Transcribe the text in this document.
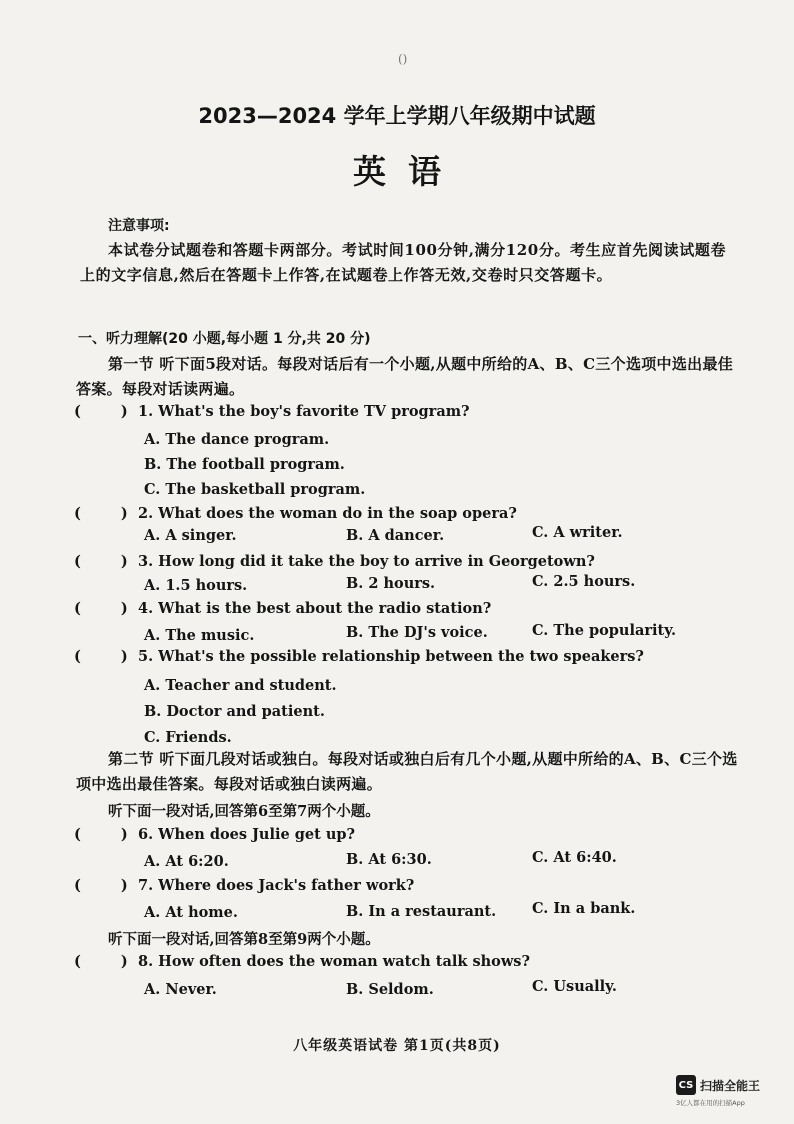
()
2023—2024 学年上学期八年级期中试题
英语
注意事项:
本试卷分试题卷和答题卡两部分。考试时间100分钟,满分120分。考生应首先阅读试题卷上的文字信息,然后在答题卡上作答,在试题卷上作答无效,交卷时只交答题卡。
一、听力理解(20 小题,每小题 1 分,共 20 分)
第一节 听下面5段对话。每段对话后有一个小题,从题中所给的A、B、C三个选项中选出最佳答案。每段对话读两遍。
(	) 1. What's the boy's favorite TV program?
A. The dance program.
B. The football program.
C. The basketball program.
(	) 2. What does the woman do in the soap opera?
A. A singer.	B. A dancer.	C. A writer.
(	) 3. How long did it take the boy to arrive in Georgetown?
A. 1.5 hours.	B. 2 hours.	C. 2.5 hours.
(	) 4. What is the best about the radio station?
A. The music.	B. The DJ's voice.	C. The popularity.
(	) 5. What's the possible relationship between the two speakers?
A. Teacher and student.
B. Doctor and patient.
C. Friends.
第二节 听下面几段对话或独白。每段对话或独白后有几个小题,从题中所给的A、B、C三个选项中选出最佳答案。每段对话或独白读两遍。
听下面一段对话,回答第6至第7两个小题。
(	) 6. When does Julie get up?
A. At 6:20.	B. At 6:30.	C. At 6:40.
(	) 7. Where does Jack's father work?
A. At home.	B. In a restaurant. C. In a bank.
听下面一段对话,回答第8至第9两个小题。
(	) 8. How often does the woman watch talk shows?
A. Never.	B. Seldom.	C. Usually.
八年级英语试卷 第1页(共8页)
CS 扫描全能王
3亿人都在用的扫描App
